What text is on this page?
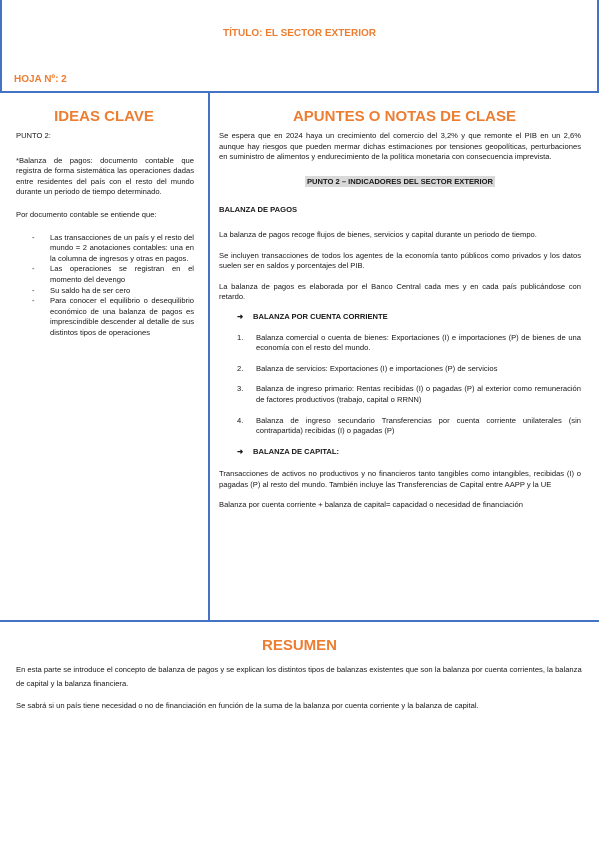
TÍTULO: EL SECTOR EXTERIOR
HOJA Nº: 2
IDEAS CLAVE

PUNTO 2:

*Balanza de pagos: documento contable que registra de forma sistemática las operaciones dadas entre residentes del país con el resto del mundo durante un periodo de tiempo determinado.

Por documento contable se entiende que:

- Las transacciones de un país y el resto del mundo = 2 anotaciones contables: una en la columna de ingresos y otras en pagos.
- Las operaciones se registran en el momento del devengo
- Su saldo ha de ser cero
- Para conocer el equilibrio o desequilibrio económico de una balanza de pagos es imprescindible descender al detalle de sus distintos tipos de operaciones
APUNTES O NOTAS DE CLASE

Se espera que en 2024 haya un crecimiento del comercio del 3,2% y que remonte el PIB en un 2,6% aunque hay riesgos que pueden mermar dichas estimaciones por tensiones geopolíticas, perturbaciones en suministro de alimentos y endurecimiento de la política monetaria con consecuencia imprevista.

PUNTO 2 – INDICADORES DEL SECTOR EXTERIOR

BALANZA DE PAGOS

La balanza de pagos recoge flujos de bienes, servicios y capital durante un periodo de tiempo.

Se incluyen transacciones de todos los agentes de la economía tanto públicos como privados y los datos suelen ser en saldos y porcentajes del PIB.

La balanza de pagos es elaborada por el Banco Central cada mes y en cada país publicándose con retardo.

➜	BALANZA POR CUENTA CORRIENTE
1.	Balanza comercial o cuenta de bienes: Exportaciones (I) e importaciones (P) de bienes de una economía con el resto del mundo.
2.	Balanza de servicios: Exportaciones (I) e importaciones (P) de servicios
3.	Balanza de ingreso primario: Rentas recibidas (I) o pagadas (P) al exterior como remuneración de factores productivos (trabajo, capital o RRNN)
4.	Balanza de ingreso secundario Transferencias por cuenta corriente unilaterales (sin contrapartida) recibidas (I) o pagadas (P)
➜	BALANZA DE CAPITAL:

Transacciones de activos no productivos y no financieros tanto tangibles como intangibles, recibidas (I) o pagadas (P) al resto del mundo. También incluye las Transferencias de Capital entre AAPP y la UE

Balanza por cuenta corriente + balanza de capital= capacidad o necesidad de financiación

RESUMEN

En esta parte se introduce el concepto de balanza de pagos y se explican los distintos tipos de balanzas existentes que son la balanza por cuenta corrientes, la balanza de capital y la balanza financiera.

Se sabrá si un país tiene necesidad o no de financiación en función de la suma de la balanza por cuenta corriente y la balanza de capital.
